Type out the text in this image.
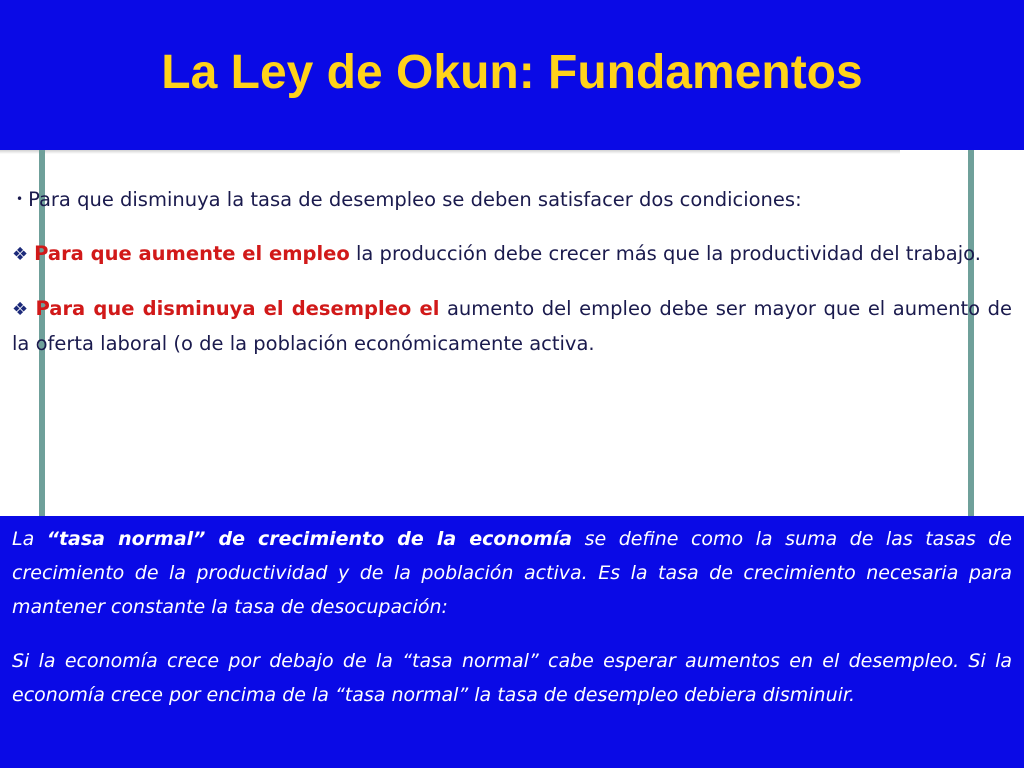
La Ley de Okun: Fundamentos

• Para que disminuya la tasa de desempleo se deben satisfacer dos condiciones:

❖ Para que aumente el empleo la producción debe crecer más que la productividad del trabajo.

❖ Para que disminuya el desempleo el aumento del empleo debe ser mayor que el aumento de la oferta laboral (o de la población económicamente activa.

La “tasa normal” de crecimiento de la economía se define como la suma de las tasas de crecimiento de la productividad y de la población activa. Es la tasa de crecimiento necesaria para mantener constante la tasa de desocupación:

Si la economía crece por debajo de la “tasa normal” cabe esperar aumentos en el desempleo. Si la economía crece por encima de la “tasa normal” la tasa de desempleo debiera disminuir.
